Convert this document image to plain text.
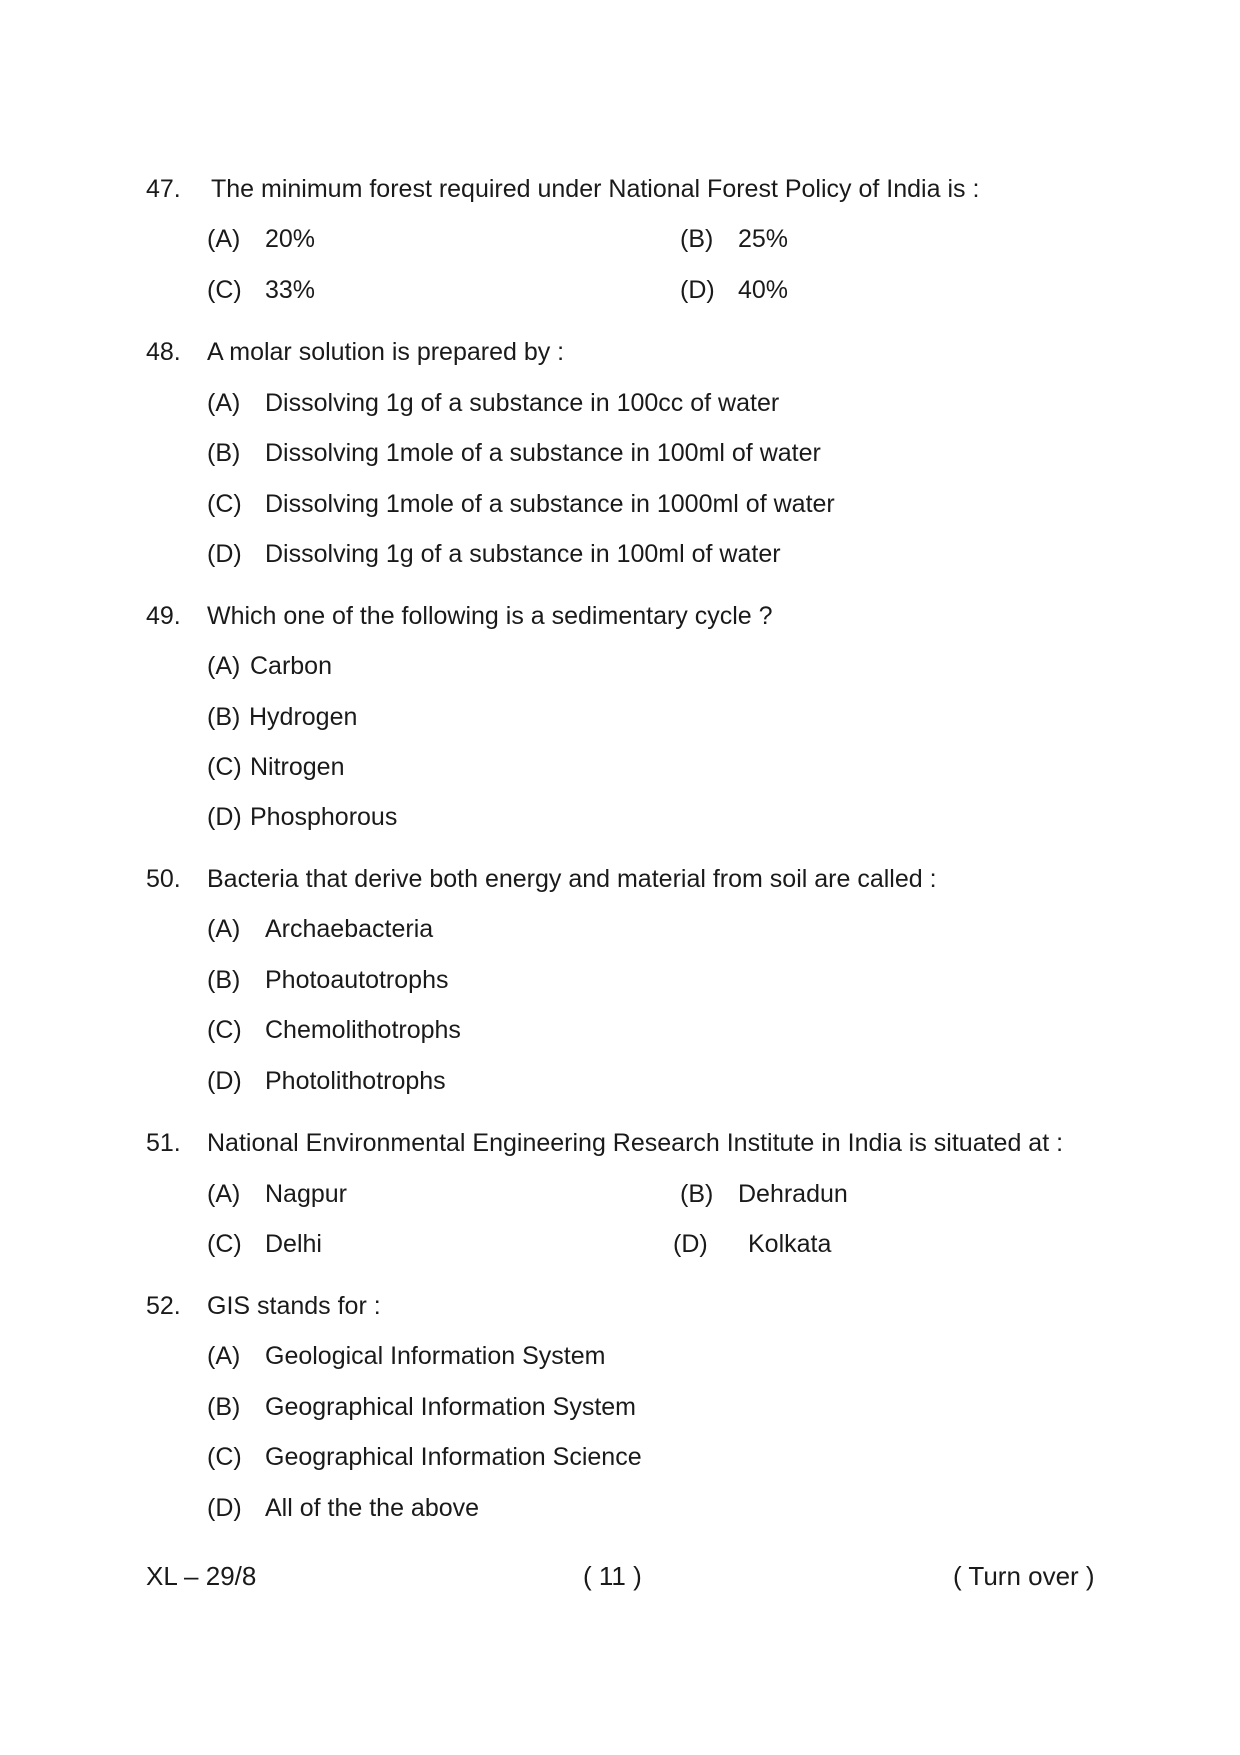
47. The minimum forest required under National Forest Policy of India is :
(A) 20%	(B) 25%
(C) 33%	(D) 40%
48. A molar solution is prepared by :
(A) Dissolving 1g of a substance in 100cc of water
(B) Dissolving 1mole of a substance in 100ml of water
(C) Dissolving 1mole of a substance in 1000ml of water
(D) Dissolving 1g of a substance in 100ml of water
49. Which one of the following is a sedimentary cycle ?
(A) Carbon
(B) Hydrogen
(C) Nitrogen
(D) Phosphorous
50. Bacteria that derive both energy and material from soil are called :
(A) Archaebacteria
(B) Photoautotrophs
(C) Chemolithotrophs
(D) Photolithotrophs
51. National Environmental Engineering Research Institute in India is situated at :
(A) Nagpur	(B) Dehradun
(C) Delhi	(D) Kolkata
52. GIS stands for :
(A) Geological Information System
(B) Geographical Information System
(C) Geographical Information Science
(D) All of the the above
XL – 29/8	( 11 )	( Turn over )
